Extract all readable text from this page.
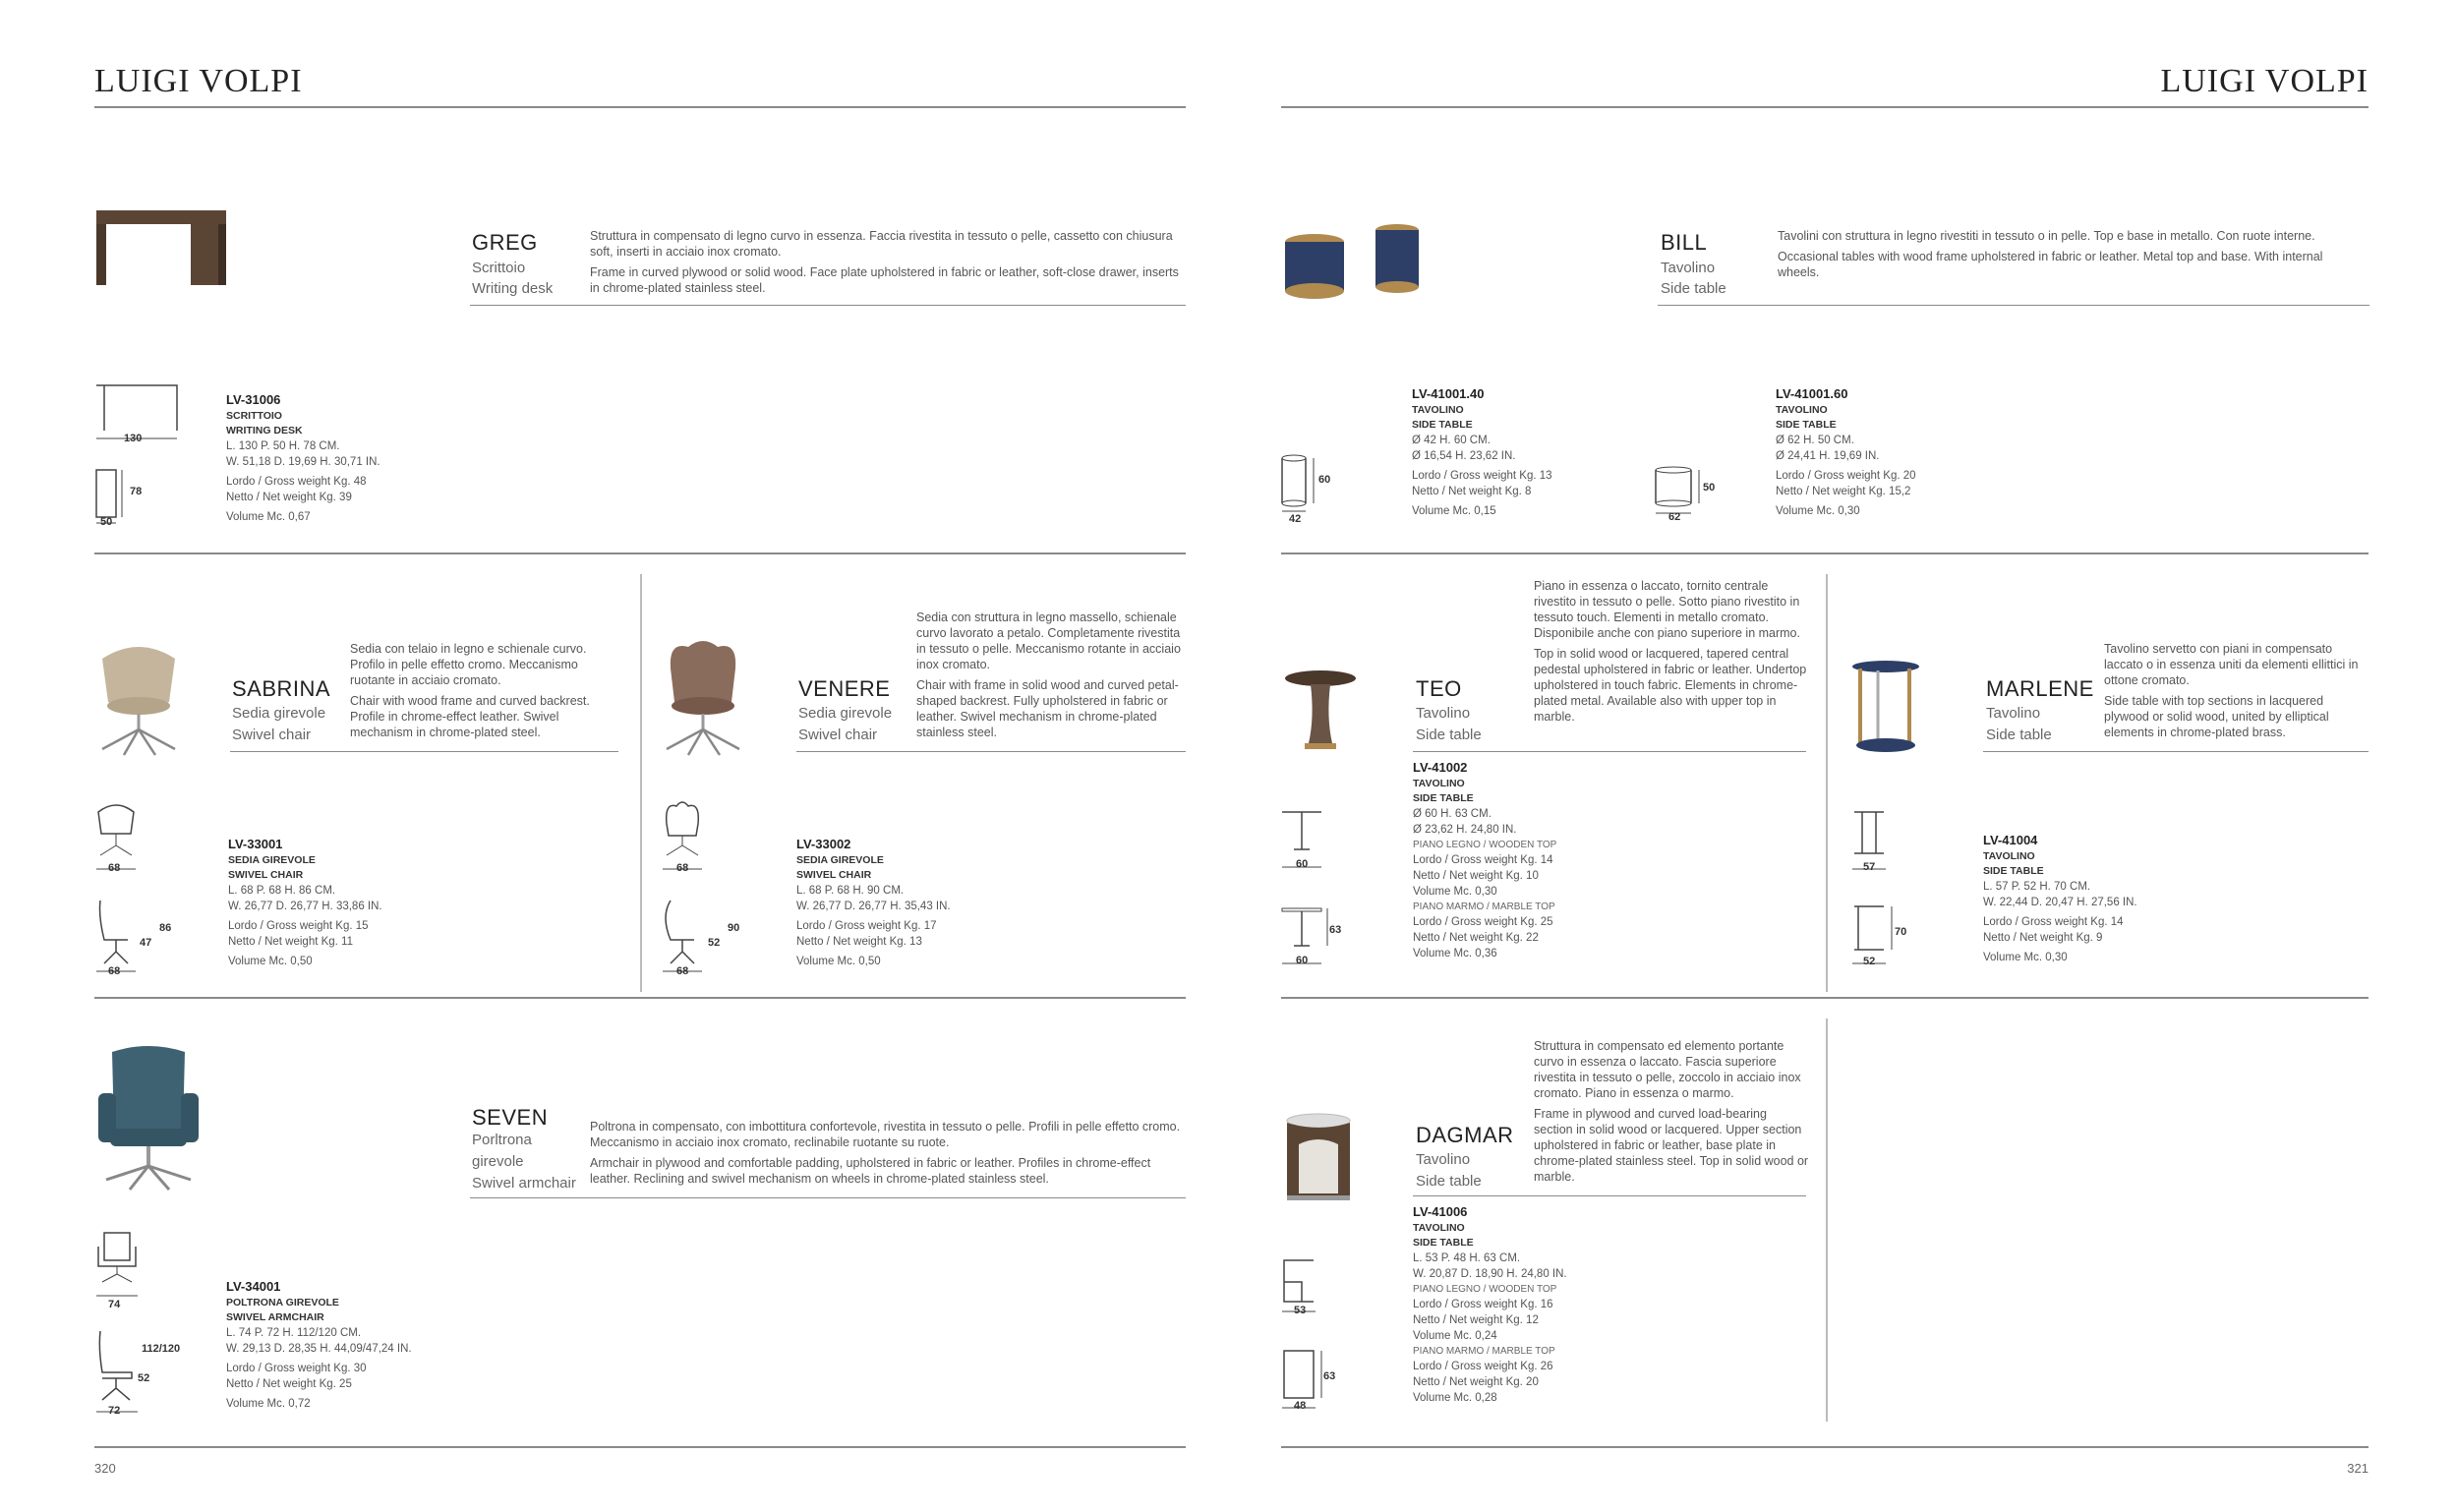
LUIGI VOLPI	LUIGI VOLPI
GREG
Scrittoio
Writing desk

Struttura in compensato di legno curvo in essenza. Faccia rivestita in tessuto o pelle, cassetto con chiusura soft, inserti in acciaio inox cromato.

Frame in curved plywood or solid wood. Face plate upholstered in fabric or leather, soft-close drawer, inserts in chrome-plated stainless steel.

130
78
50
LV-31006
SCRITTOIO
WRITING DESK
L. 130 P. 50 H. 78 CM.
W. 51,18 D. 19,69 H. 30,71 IN.
Lordo / Gross weight Kg. 48
Netto / Net weight Kg. 39
Volume Mc. 0,67
SABRINA
Sedia girevole
Swivel chair

Sedia con telaio in legno e schienale curvo. Profilo in pelle effetto cromo. Meccanismo ruotante in acciaio cromato.

Chair with wood frame and curved backrest. Profile in chrome-effect leather. Swivel mechanism in chrome-plated steel.

68
86
47
68
LV-33001
SEDIA GIREVOLE
SWIVEL CHAIR
L. 68 P. 68 H. 86 CM.
W. 26,77 D. 26,77 H. 33,86 IN.
Lordo / Gross weight Kg. 15
Netto / Net weight Kg. 11
Volume Mc. 0,50
VENERE
Sedia girevole
Swivel chair

Sedia con struttura in legno massello, schienale curvo lavorato a petalo. Completamente rivestita in tessuto o pelle. Meccanismo rotante in acciaio inox cromato.

Chair with frame in solid wood and curved petal-shaped backrest. Fully upholstered in fabric or leather. Swivel mechanism in chrome-plated stainless steel.

68
90
52
68
LV-33002
SEDIA GIREVOLE
SWIVEL CHAIR
L. 68 P. 68 H. 90 CM.
W. 26,77 D. 26,77 H. 35,43 IN.
Lordo / Gross weight Kg. 17
Netto / Net weight Kg. 13
Volume Mc. 0,50
SEVEN
Porltrona
girevole
Swivel armchair

Poltrona in compensato, con imbottitura confortevole, rivestita in tessuto o pelle. Profili in pelle effetto cromo. Meccanismo in acciaio inox cromato, reclinabile ruotante su ruote.

Armchair in plywood and comfortable padding, upholstered in fabric or leather. Profiles in chrome-effect leather. Reclining and swivel mechanism on wheels in chrome-plated stainless steel.

74
112/120
52
72
LV-34001
POLTRONA GIREVOLE
SWIVEL ARMCHAIR
L. 74 P. 72 H. 112/120 CM.
W. 29,13 D. 28,35 H. 44,09/47,24 IN.
Lordo / Gross weight Kg. 30
Netto / Net weight Kg. 25
Volume Mc. 0,72
320
BILL
Tavolino
Side table

Tavolini con struttura in legno rivestiti in tessuto o in pelle. Top e base in metallo. Con ruote interne.

Occasional tables with wood frame upholstered in fabric or leather. Metal top and base. With internal wheels.

60
42
LV-41001.40
TAVOLINO
SIDE TABLE
Ø 42 H. 60 CM.
Ø 16,54 H. 23,62 IN.
Lordo / Gross weight Kg. 13
Netto / Net weight Kg. 8
Volume Mc. 0,15
50
62
LV-41001.60
TAVOLINO
SIDE TABLE
Ø 62 H. 50 CM.
Ø 24,41 H. 19,69 IN.
Lordo / Gross weight Kg. 20
Netto / Net weight Kg. 15,2
Volume Mc. 0,30
TEO
Tavolino
Side table

Piano in essenza o laccato, tornito centrale rivestito in tessuto o pelle. Sotto piano rivestito in tessuto touch. Elementi in metallo cromato. Disponibile anche con piano superiore in marmo.

Top in solid wood or lacquered, tapered central pedestal upholstered in fabric or leather. Undertop upholstered in touch fabric. Elements in chrome-plated metal. Available also with upper top in marble.

60
63
60
LV-41002
TAVOLINO
SIDE TABLE
Ø 60 H. 63 CM.
Ø 23,62 H. 24,80 IN.
PIANO LEGNO / WOODEN TOP
Lordo / Gross weight Kg. 14
Netto / Net weight Kg. 10
Volume Mc. 0,30
PIANO MARMO / MARBLE TOP
Lordo / Gross weight Kg. 25
Netto / Net weight Kg. 22
Volume Mc. 0,36
MARLENE
Tavolino
Side table

Tavolino servetto con piani in compensato laccato o in essenza uniti da elementi ellittici in ottone cromato.

Side table with top sections in lacquered plywood or solid wood, united by elliptical elements in chrome-plated brass.

57
70
52
LV-41004
TAVOLINO
SIDE TABLE
L. 57 P. 52 H. 70 CM.
W. 22,44 D. 20,47 H. 27,56 IN.
Lordo / Gross weight Kg. 14
Netto / Net weight Kg. 9
Volume Mc. 0,30
DAGMAR
Tavolino
Side table

Struttura in compensato ed elemento portante curvo in essenza o laccato. Fascia superiore rivestita in tessuto o pelle, zoccolo in acciaio inox cromato. Piano in essenza o marmo.

Frame in plywood and curved load-bearing section in solid wood or lacquered. Upper section upholstered in fabric or leather, base plate in chrome-plated stainless steel. Top in solid wood or marble.

53
63
48
LV-41006
TAVOLINO
SIDE TABLE
L. 53 P. 48 H. 63 CM.
W. 20,87 D. 18,90 H. 24,80 IN.
PIANO LEGNO / WOODEN TOP
Lordo / Gross weight Kg. 16
Netto / Net weight Kg. 12
Volume Mc. 0,24
PIANO MARMO / MARBLE TOP
Lordo / Gross weight Kg. 26
Netto / Net weight Kg. 20
Volume Mc. 0,28
321
